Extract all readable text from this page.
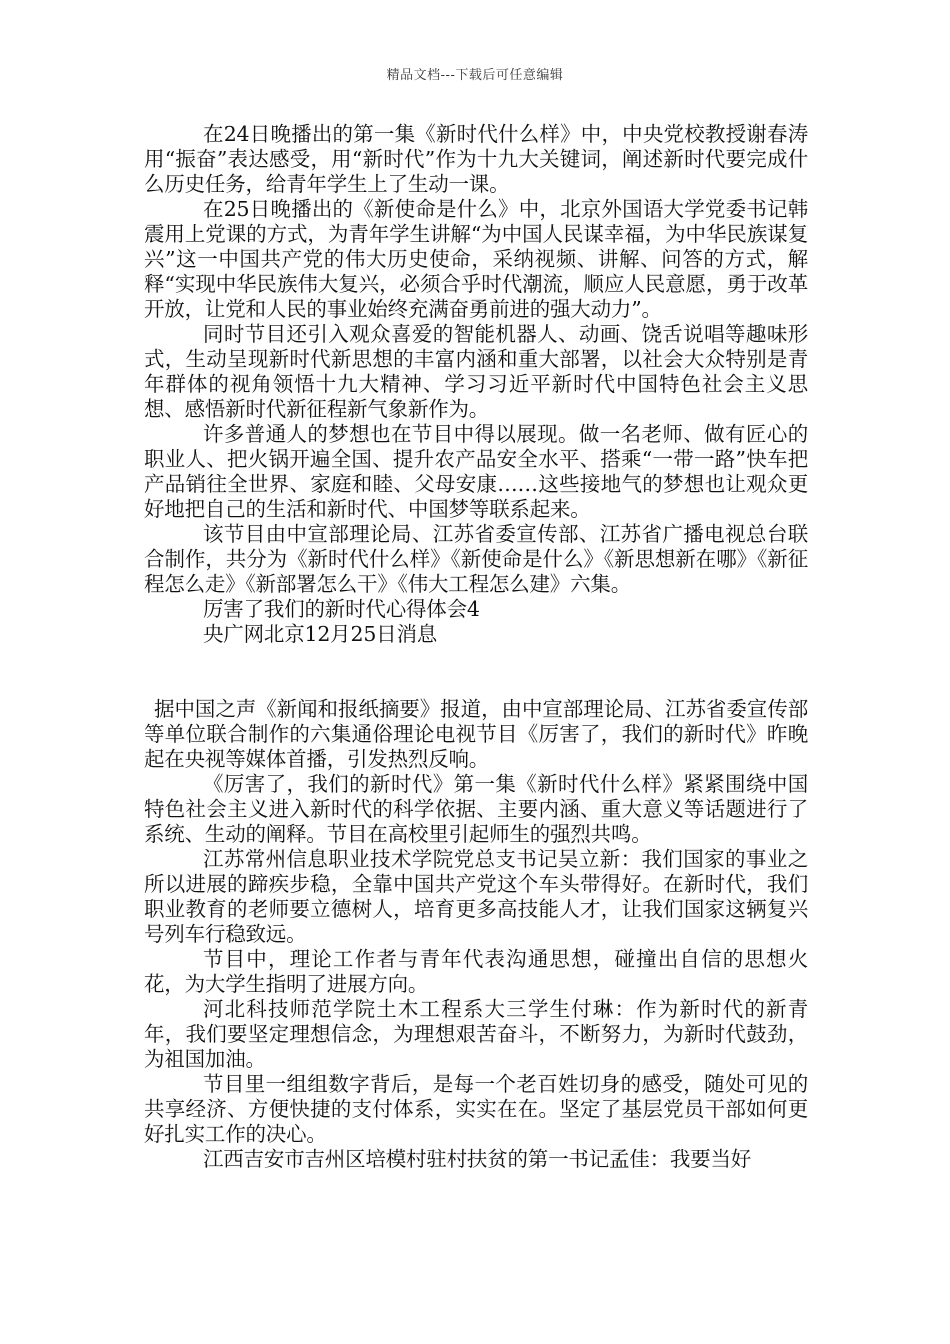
精品文档---下载后可任意编辑

在24日晚播出的第一集《新时代什么样》中，中央党校教授谢春涛用“振奋”表达感受，用“新时代”作为十九大关键词，阐述新时代要完成什么历史任务，给青年学生上了生动一课。

在25日晚播出的《新使命是什么》中，北京外国语大学党委书记韩震用上党课的方式，为青年学生讲解“为中国人民谋幸福，为中华民族谋复兴”这一中国共产党的伟大历史使命，采纳视频、讲解、问答的方式，解释“实现中华民族伟大复兴，必须合乎时代潮流，顺应人民意愿，勇于改革开放，让党和人民的事业始终充满奋勇前进的强大动力”。

同时节目还引入观众喜爱的智能机器人、动画、饶舌说唱等趣味形式，生动呈现新时代新思想的丰富内涵和重大部署，以社会大众特别是青年群体的视角领悟十九大精神、学习习近平新时代中国特色社会主义思想、感悟新时代新征程新气象新作为。

许多普通人的梦想也在节目中得以展现。做一名老师、做有匠心的职业人、把火锅开遍全国、提升农产品安全水平、搭乘“一带一路”快车把产品销往全世界、家庭和睦、父母安康……这些接地气的梦想也让观众更好地把自己的生活和新时代、中国梦等联系起来。

该节目由中宣部理论局、江苏省委宣传部、江苏省广播电视总台联合制作，共分为《新时代什么样》《新使命是什么》《新思想新在哪》《新征程怎么走》《新部署怎么干》《伟大工程怎么建》六集。

厉害了我们的新时代心得体会4

央广网北京12月25日消息

据中国之声《新闻和报纸摘要》报道，由中宣部理论局、江苏省委宣传部等单位联合制作的六集通俗理论电视节目《厉害了，我们的新时代》昨晚起在央视等媒体首播，引发热烈反响。

《厉害了，我们的新时代》第一集《新时代什么样》紧紧围绕中国特色社会主义进入新时代的科学依据、主要内涵、重大意义等话题进行了系统、生动的阐释。节目在高校里引起师生的强烈共鸣。

江苏常州信息职业技术学院党总支书记吴立新：我们国家的事业之所以进展的蹄疾步稳，全靠中国共产党这个车头带得好。在新时代，我们职业教育的老师要立德树人，培育更多高技能人才，让我们国家这辆复兴号列车行稳致远。

节目中，理论工作者与青年代表沟通思想，碰撞出自信的思想火花，为大学生指明了进展方向。

河北科技师范学院土木工程系大三学生付琳：作为新时代的新青年，我们要坚定理想信念，为理想艰苦奋斗，不断努力，为新时代鼓劲，为祖国加油。

节目里一组组数字背后，是每一个老百姓切身的感受，随处可见的共享经济、方便快捷的支付体系，实实在在。坚定了基层党员干部如何更好扎实工作的决心。

江西吉安市吉州区培模村驻村扶贫的第一书记孟佳：我要当好
